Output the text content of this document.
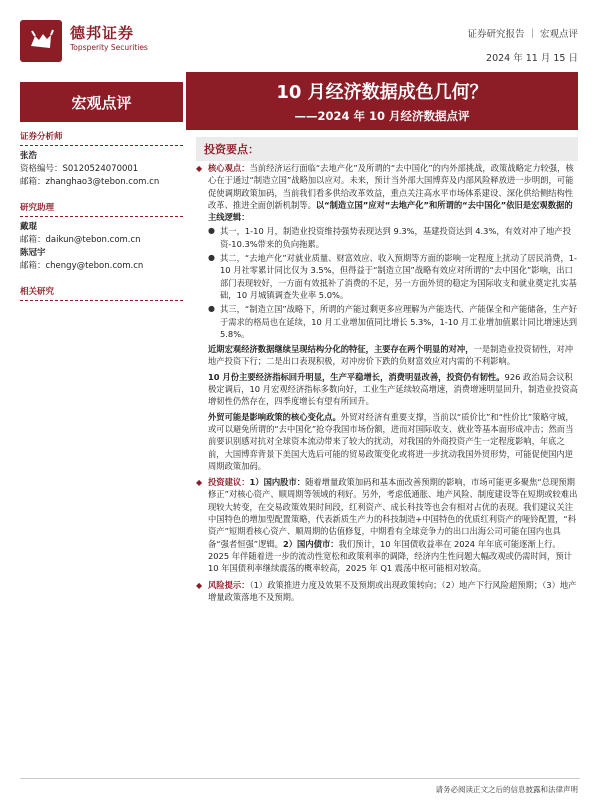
德邦证券
Topsperity Securities
证券研究报告 ｜ 宏观点评
2024 年 11 月 15 日
宏观点评	10 月经济数据成色几何？
——2024 年 10 月经济数据点评
证券分析师
张浩
资格编号：S0120524070001
邮箱：zhanghao3@tebon.com.cn
研究助理
戴琨
邮箱：daikun@tebon.com.cn
陈冠宇
邮箱：chengy@tebon.com.cn
相关研究
投资要点：
◆ 核心观点：当前经济运行面临“去地产化”及所谓的“去中国化”的内外部挑战，政策战略定力较强，核心在于通过“制造立国”战略加以应对。未来，预计当外部大国博弈及内部风险释放进一步明朗，可能促使调期政策加码，当前我们看多供给改革效益，重点关注高水平市场体系建设、深化供给侧结构性改革、推进全面创新机制等。以“制造立国”应对“去地产化”和所谓的“去中国化”依旧是宏观数据的主线逻辑：
● 其一，1-10 月，制造业投资维持强势表现达到 9.3%，基建投资达到 4.3%，有效对冲了地产投资-10.3%带来的负向拖累。
● 其二，“去地产化”对就业质量、财富效应、收入预期等方面的影响一定程度上扰动了居民消费，1-10 月社零累计同比仅为 3.5%，但得益于“制造立国”战略有效应对所谓的“去中国化”影响，出口部门表现较好，一方面有效抵补了消费的不足，另一方面外贸的稳定为国际收支和就业奠定扎实基础，10 月城镇调查失业率 5.0%。
● 其三，“制造立国”战略下，所谓的产能过剩更多应理解为产能迭代、产能保全和产能储备，生产好于需求的格局也在延续，10 月工业增加值同比增长 5.3%，1-10 月工业增加值累计同比增速达到 5.8%。
近期宏观经济数据继续呈现结构分化的特征，主要存在两个明显的对冲，一是制造业投资韧性，对冲地产投资下行；二是出口表现积极，对冲房价下跌的负财富效应对内需的不利影响。
10 月份主要经济指标回升明显，生产平稳增长，消费明显改善，投资仍有韧性。926 政治局会议积极定调后，10 月宏观经济指标多数向好，工业生产延续较高增速，消费增速明显回升，制造业投资高增韧性仍然存在，四季度增长有望有所回升。
外贸可能是影响政策的核心变化点。外贸对经济有重要支撑，当前以“质价比”和“性价比”策略守城，或可以避免所谓的“去中国化”抢夺我国市场份额，进而对国际收支、就业等基本面形成冲击；然而当前要识别感对抗对全球资本流动带来了较大的扰动，对我国的外商投资产生一定程度影响，年底之前，大国博弈背景下美国大选后可能的贸易政策变化或将进一步扰动我国外贸形势，可能促使国内逆周期政策加码。
◆ 投资建议：1）国内股市：随着增量政策加码和基本面改善预期的影响，市场可能更多聚焦“总现预期修正”对核心资产、顺周期等领域的利好。另外，考虑低通胀、地产风险、制度建设等在短期或较难出现较大转变，在交易政策效果时间段，红利资产、成长科技等也会有相对占优的表现。我们建议关注中国特色的增加型配置策略，代表新质生产力的科技制造+中国特色的优质红利资产的哑铃配置，“科资产”短期看核心资产、顺周期的估值修复，中期看有全球竞争力的出口出海公司可能在国内也具备“强者恒强”逻辑。2）国内债市：我们预计，10 年国债收益率在 2024 年年底可能逐渐上行。2025 年伴随着进一步的流动性宽松和政策利率的调降，经济内生性问题大幅改观或仍需时间，预计 10 年国债利率继续震荡的概率较高，2025 年 Q1 震荡中枢可能相对较高。
◆ 风险提示：（1）政策推进力度及效果不及预期或出现政策转向；（2）地产下行风险超预期；（3）地产增量政策落地不及预期。
请务必阅读正文之后的信息披露和法律声明
